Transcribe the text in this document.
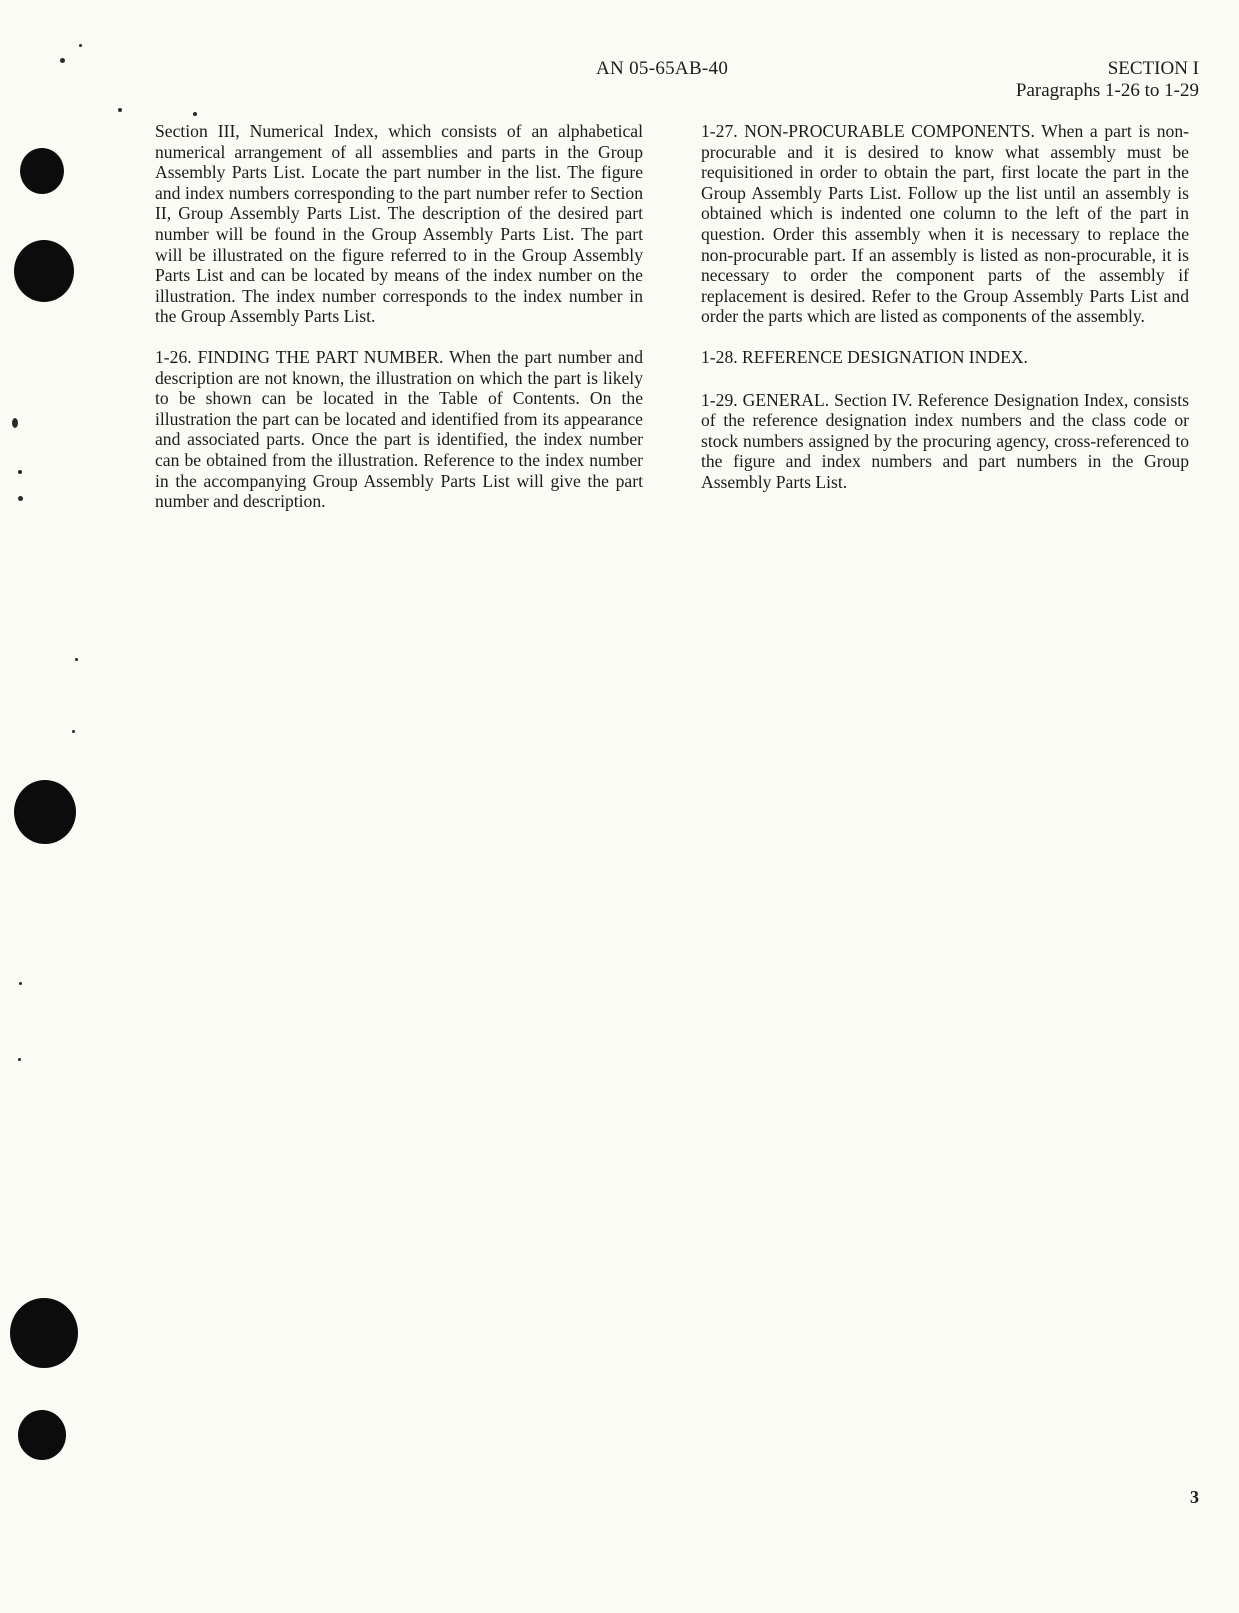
AN 05-65AB-40	SECTION I
Paragraphs 1-26 to 1-29

Section III, Numerical Index, which consists of an alphabetical numerical arrangement of all assemblies and parts in the Group Assembly Parts List. Locate the part number in the list. The figure and index numbers corresponding to the part number refer to Section II, Group Assembly Parts List. The description of the desired part number will be found in the Group Assembly Parts List. The part will be illustrated on the figure referred to in the Group Assembly Parts List and can be located by means of the index number on the illustration. The index number corresponds to the index number in the Group Assembly Parts List.

1-26. FINDING THE PART NUMBER. When the part number and description are not known, the illustration on which the part is likely to be shown can be located in the Table of Contents. On the illustration the part can be located and identified from its appearance and associated parts. Once the part is identified, the index number can be obtained from the illustration. Reference to the index number in the accompanying Group Assembly Parts List will give the part number and description.

1-27. NON-PROCURABLE COMPONENTS. When a part is non-procurable and it is desired to know what assembly must be requisitioned in order to obtain the part, first locate the part in the Group Assembly Parts List. Follow up the list until an assembly is obtained which is indented one column to the left of the part in question. Order this assembly when it is necessary to replace the non-procurable part. If an assembly is listed as non-procurable, it is necessary to order the component parts of the assembly if replacement is desired. Refer to the Group Assembly Parts List and order the parts which are listed as components of the assembly.

1-28. REFERENCE DESIGNATION INDEX.

1-29. GENERAL. Section IV. Reference Designation Index, consists of the reference designation index numbers and the class code or stock numbers assigned by the procuring agency, cross-referenced to the figure and index numbers and part numbers in the Group Assembly Parts List.

3
